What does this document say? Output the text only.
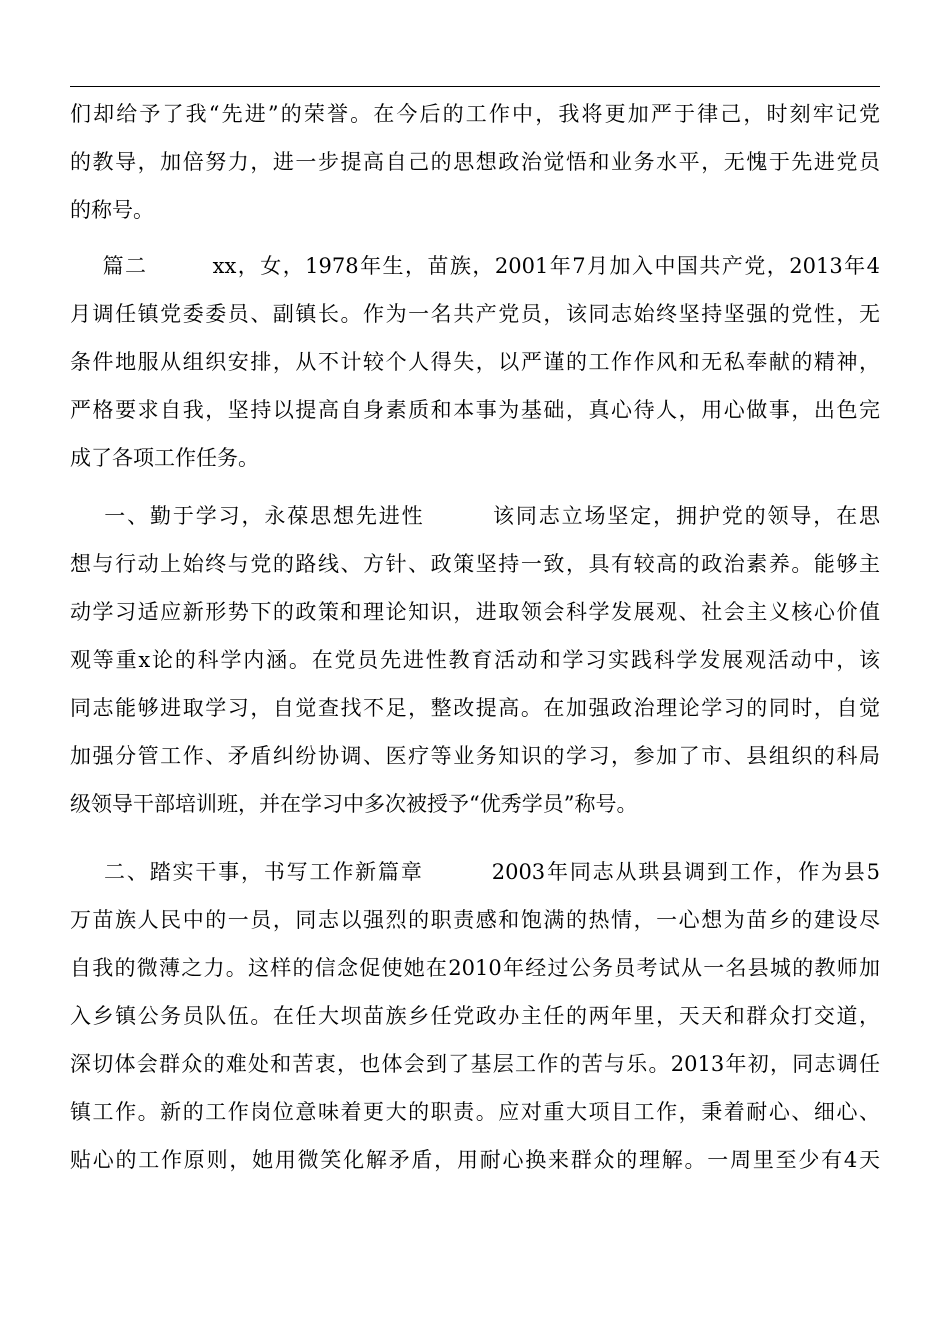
们却给予了我“先进”的荣誉。在今后的工作中，我将更加严于律己，时刻牢记党
的教导，加倍努力，进一步提高自己的思想政治觉悟和业务水平，无愧于先进党员
的称号。
篇二        xx，女，1978年生，苗族，2001年7月加入中国共产党，2013年4
月调任镇党委委员、副镇长。作为一名共产党员，该同志始终坚持坚强的党性，无
条件地服从组织安排，从不计较个人得失，以严谨的工作作风和无私奉献的精神，
严格要求自我，坚持以提高自身素质和本事为基础，真心待人，用心做事，出色完
成了各项工作任务。
一、勤于学习，永葆思想先进性        该同志立场坚定，拥护党的领导，在思
想与行动上始终与党的路线、方针、政策坚持一致，具有较高的政治素养。能够主
动学习适应新形势下的政策和理论知识，进取领会科学发展观、社会主义核心价值
观等重x论的科学内涵。在党员先进性教育活动和学习实践科学发展观活动中，该
同志能够进取学习，自觉查找不足，整改提高。在加强政治理论学习的同时，自觉
加强分管工作、矛盾纠纷协调、医疗等业务知识的学习，参加了市、县组织的科局
级领导干部培训班，并在学习中多次被授予“优秀学员”称号。
二、踏实干事，书写工作新篇章        2003年同志从珙县调到工作，作为县5
万苗族人民中的一员，同志以强烈的职责感和饱满的热情，一心想为苗乡的建设尽
自我的微薄之力。这样的信念促使她在2010年经过公务员考试从一名县城的教师加
入乡镇公务员队伍。在任大坝苗族乡任党政办主任的两年里，天天和群众打交道，
深切体会群众的难处和苦衷，也体会到了基层工作的苦与乐。2013年初，同志调任
镇工作。新的工作岗位意味着更大的职责。应对重大项目工作，秉着耐心、细心、
贴心的工作原则，她用微笑化解矛盾，用耐心换来群众的理解。一周里至少有4天
